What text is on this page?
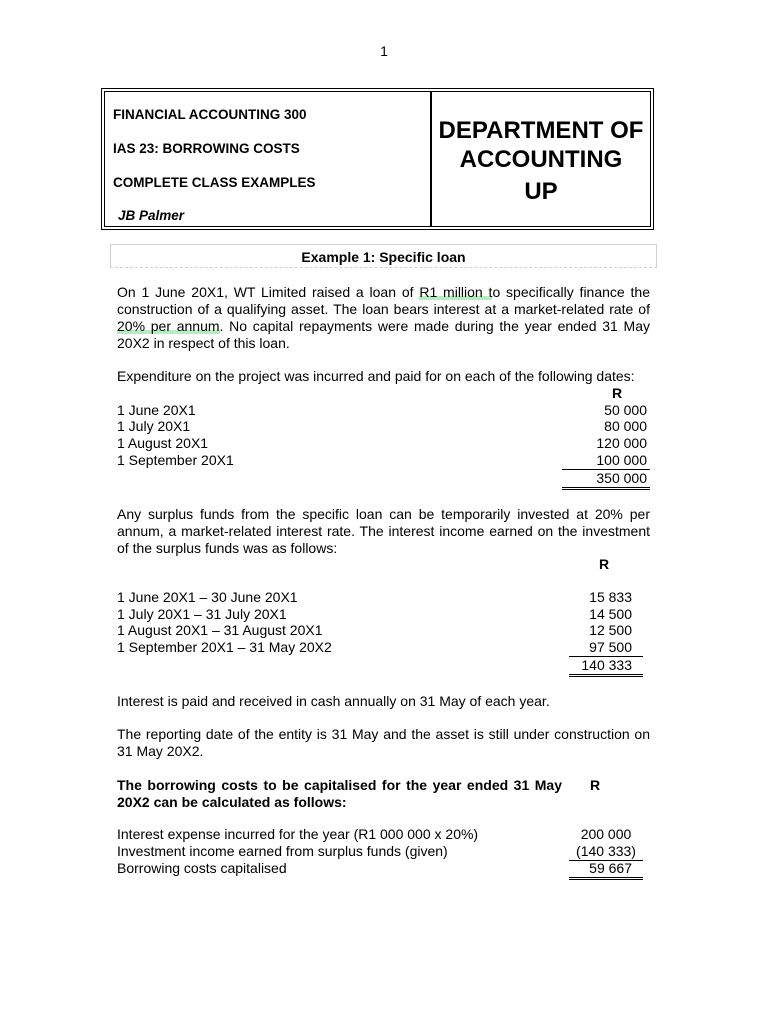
1
FINANCIAL ACCOUNTING 300
IAS 23: BORROWING COSTS
COMPLETE CLASS EXAMPLES
JB Palmer
DEPARTMENT OF
ACCOUNTING
UP
Example 1: Specific loan
On 1 June 20X1, WT Limited raised a loan of R1 million to specifically finance the construction of a qualifying asset. The loan bears interest at a market-related rate of 20% per annum. No capital repayments were made during the year ended 31 May 20X2 in respect of this loan.
Expenditure on the project was incurred and paid for on each of the following dates:
R
1 June 20X1	50 000
1 July 20X1	80 000
1 August 20X1	120 000
1 September 20X1	100 000
350 000
Any surplus funds from the specific loan can be temporarily invested at 20% per annum, a market-related interest rate. The interest income earned on the investment of the surplus funds was as follows:
R
1 June 20X1 – 30 June 20X1	15 833
1 July 20X1 – 31 July 20X1	14 500
1 August 20X1 – 31 August 20X1	12 500
1 September 20X1 – 31 May 20X2	97 500
140 333
Interest is paid and received in cash annually on 31 May of each year.
The reporting date of the entity is 31 May and the asset is still under construction on 31 May 20X2.
The borrowing costs to be capitalised for the year ended 31 May 20X2 can be calculated as follows:
R
Interest expense incurred for the year (R1 000 000 x 20%)	200 000
Investment income earned from surplus funds (given)	(140 333)
Borrowing costs capitalised	59 667
